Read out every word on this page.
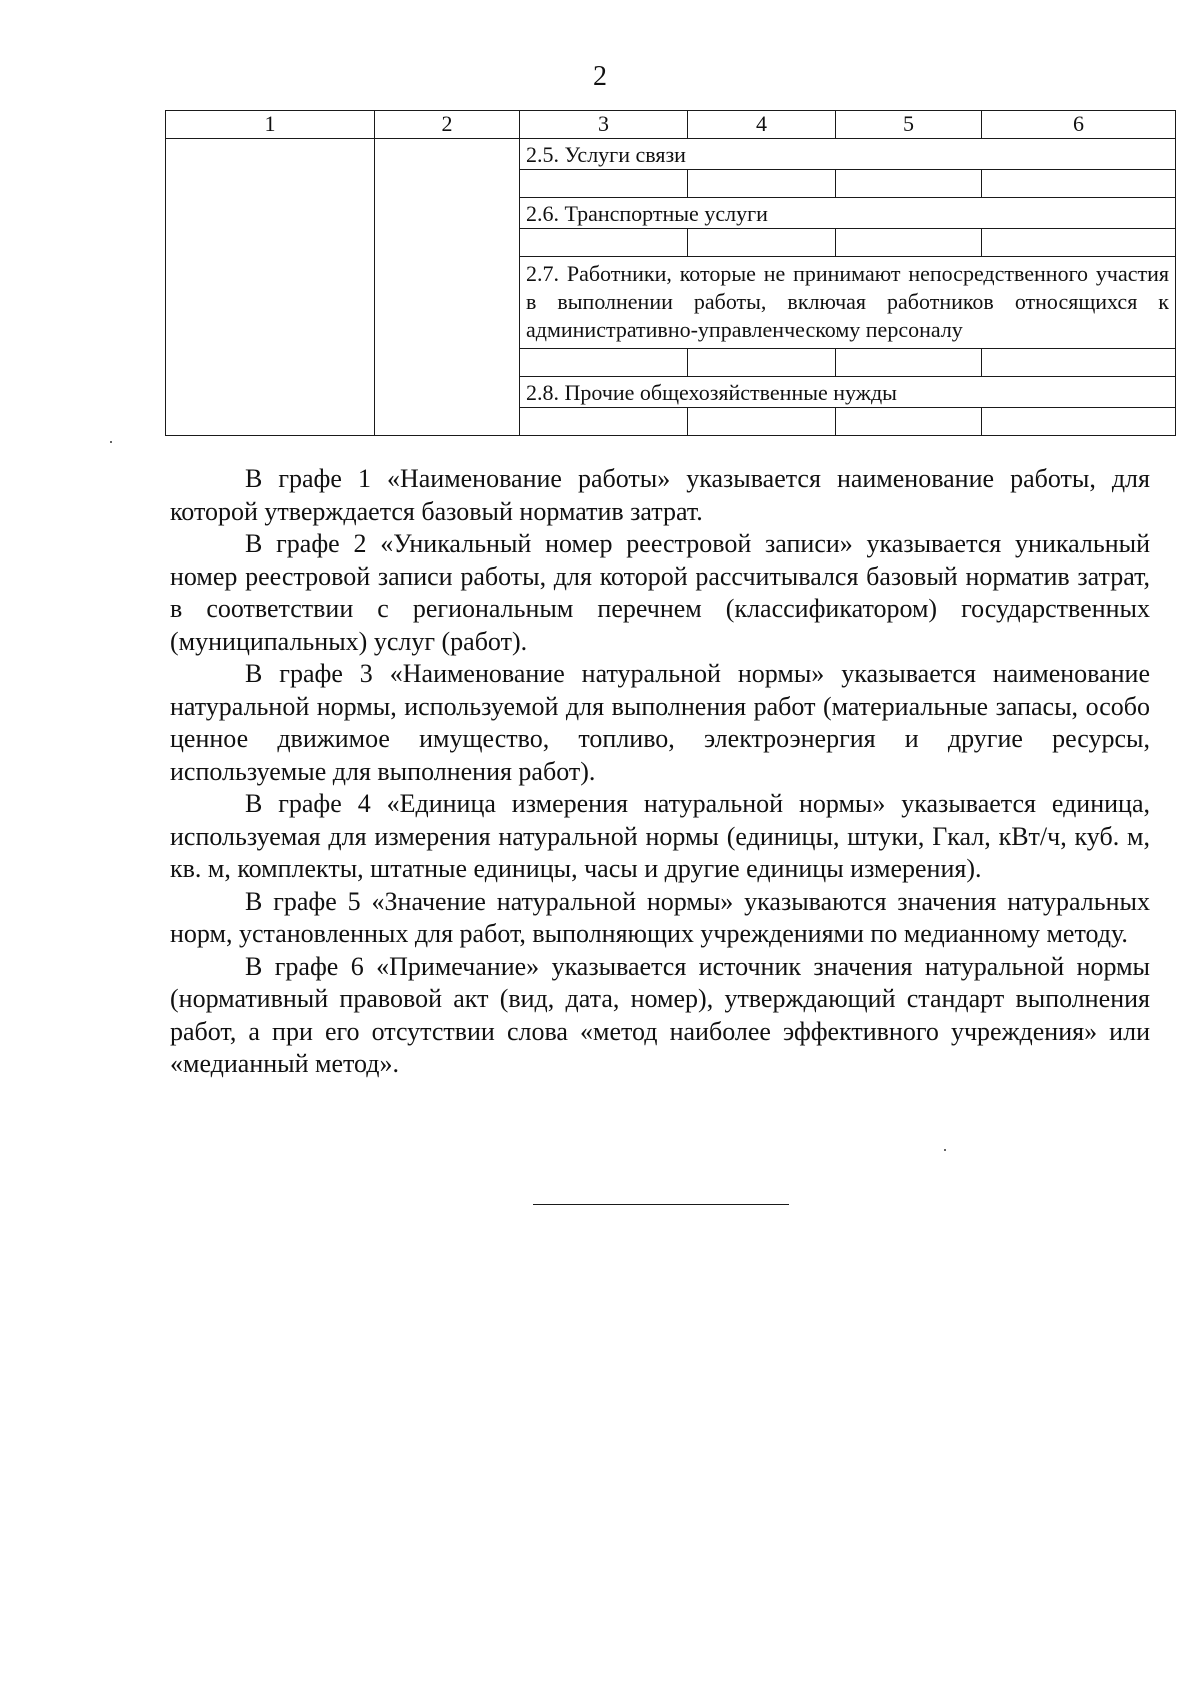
2
1	2	3	4	5	6
		2.5. Услуги связи			

		2.6. Транспортные услуги			

		2.7. Работники, которые не принимают непосредственного участия в выполнении работы, включая работников относящихся к административно-управленческому персоналу			

		2.8. Прочие общехозяйственные нужды			

В графе 1 «Наименование работы» указывается наименование работы, для которой утверждается базовый норматив затрат.

В графе 2 «Уникальный номер реестровой записи» указывается уникальный номер реестровой записи работы, для которой рассчитывался базовый норматив затрат, в соответствии с региональным перечнем (классификатором) государственных (муниципальных) услуг (работ).

В графе 3 «Наименование натуральной нормы» указывается наименование натуральной нормы, используемой для выполнения работ (материальные запасы, особо ценное движимое имущество, топливо, электроэнергия и другие ресурсы, используемые для выполнения работ).

В графе 4 «Единица измерения натуральной нормы» указывается единица, используемая для измерения натуральной нормы (единицы, штуки, Гкал, кВт/ч, куб. м, кв. м, комплекты, штатные единицы, часы и другие единицы измерения).

В графе 5 «Значение натуральной нормы» указываются значения натуральных норм, установленных для работ, выполняющих учреждениями по медианному методу.

В графе 6 «Примечание» указывается источник значения натуральной нормы (нормативный правовой акт (вид, дата, номер), утверждающий стандарт выполнения работ, а при его отсутствии слова «метод наиболее эффективного учреждения» или «медианный метод».
